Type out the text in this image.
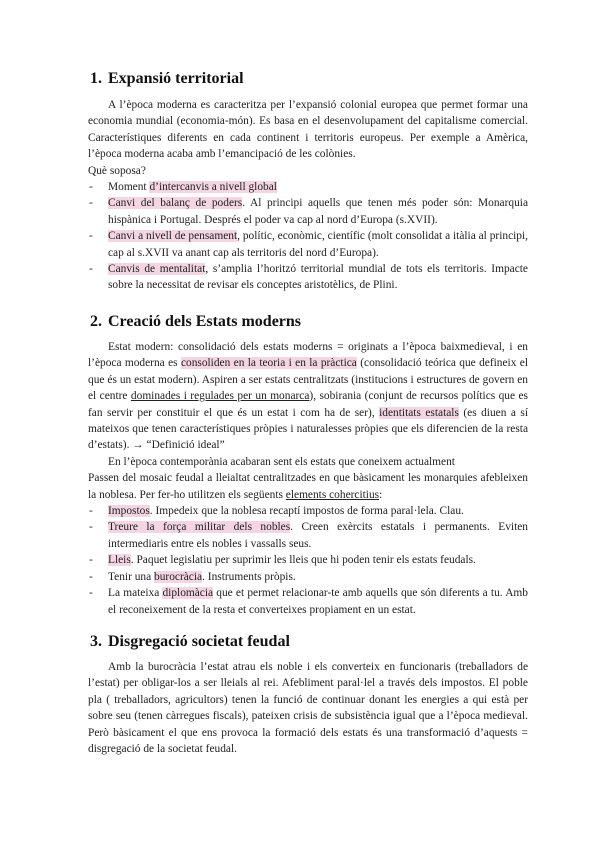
1. Expansió territorial

A l’època moderna es caracteritza per l’expansió colonial europea que permet formar una economia mundial (economia-món). Es basa en el desenvolupament del capitalisme comercial. Característiques diferents en cada continent i territoris europeus. Per exemple a Amèrica, l’època moderna acaba amb l’emancipació de les colònies.

Què soposa?

- Moment d’intercanvis a nivell global
- Canvi del balanç de poders. Al principi aquells que tenen més poder són: Monarquia hispànica i Portugal. Després el poder va cap al nord d’Europa (s.XVII).
- Canvi a nivell de pensament, polític, econòmic, científic (molt consolidat a itàlia al principi, cap al s.XVII va anant cap als territoris del nord d’Europa).
- Canvis de mentalitat, s’amplia l’horitzó territorial mundial de tots els territoris. Impacte sobre la necessitat de revisar els conceptes aristotèlics, de Plini.
2. Creació dels Estats moderns

Estat modern: consolidació dels estats moderns = originats a l’època baixmedieval, i en l’època moderna es consoliden en la teoria i en la pràctica (consolidació teórica que defineix el que és un estat modern). Aspiren a ser estats centralitzats (institucions i estructures de govern en el centre dominades i regulades per un monarca), sobirania (conjunt de recursos polítics que es fan servir per constituir el que és un estat i com ha de ser), identitats estatals (es diuen a sí mateixos que tenen característiques pròpies i naturalesses pròpies que els diferencien de la resta d’estats). → “Definició ideal”

En l’època contemporània acabaran sent els estats que coneixem actualment

Passen del mosaic feudal a lleialtat centralitzades en que bàsicament les monarquies afebleixen la noblesa. Per fer-ho utilitzen els següents elements cohercitius:

- Impostos. Impedeix que la noblesa recaptí impostos de forma paral·lela. Clau.
- Treure la força militar dels nobles. Creen exèrcits estatals i permanents. Eviten intermediaris entre els nobles i vassalls seus.
- Lleis. Paquet legislatiu per suprimir les lleis que hi poden tenir els estats feudals.
- Tenir una burocràcia. Instruments pròpis.
- La mateixa diplomàcia que et permet relacionar-te amb aquells que són diferents a tu. Amb el reconeixement de la resta et converteixes propiament en un estat.
3. Disgregació societat feudal

Amb la burocràcia l’estat atrau els noble i els converteix en funcionaris (treballadors de l’estat) per obligar-los a ser lleials al rei. Afebliment paral·lel a través dels impostos. El poble pla ( treballadors, agricultors) tenen la funció de continuar donant les energies a qui està per sobre seu (tenen càrregues fiscals), pateixen crisis de subsistència igual que a l’època medieval. Però bàsicament el que ens provoca la formació dels estats és una transformació d’aquests = disgregació de la societat feudal.
